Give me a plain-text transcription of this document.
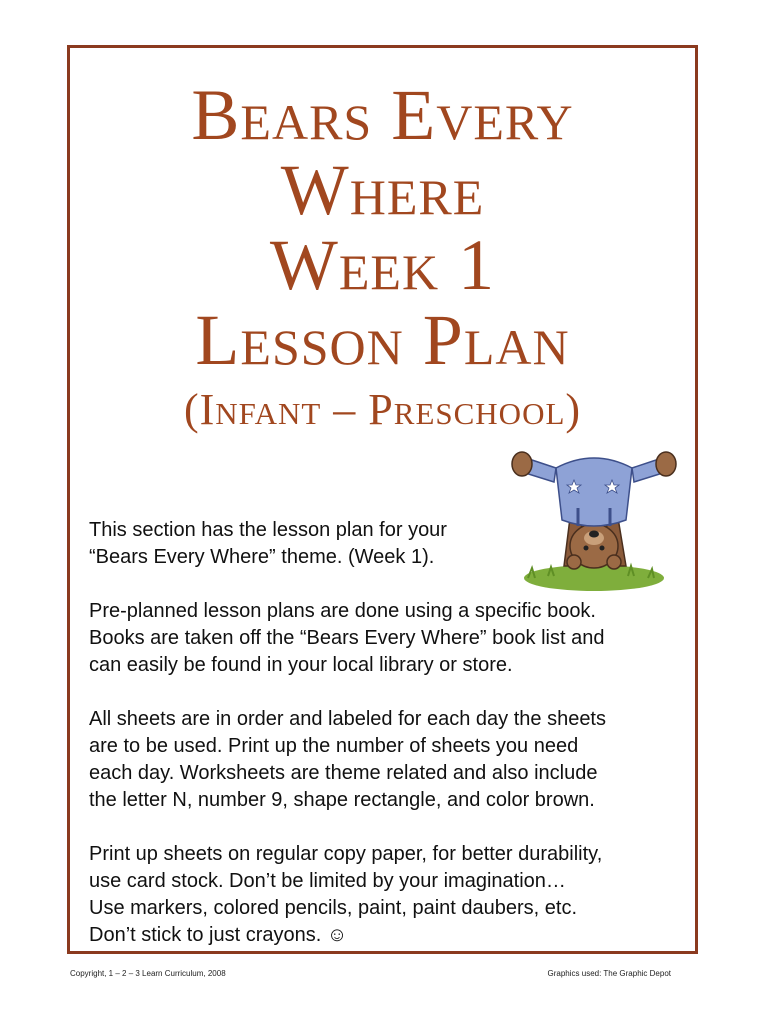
Bears Every
Where
Week 1
Lesson Plan
(Infant – Preschool)
This section has the lesson plan for your
“Bears Every Where” theme. (Week 1).
Pre-planned lesson plans are done using a specific book.
Books are taken off the “Bears Every Where” book list and
can easily be found in your local library or store.
All sheets are in order and labeled for each day the sheets
are to be used. Print up the number of sheets you need
each day. Worksheets are theme related and also include
the letter N, number 9, shape rectangle, and color brown.
Print up sheets on regular copy paper, for better durability,
use card stock. Don’t be limited by your imagination…
Use markers, colored pencils, paint, paint daubers, etc.
Don’t stick to just crayons. ☺
Copyright, 1 – 2 – 3 Learn Curriculum, 2008	Graphics used: The Graphic Depot
